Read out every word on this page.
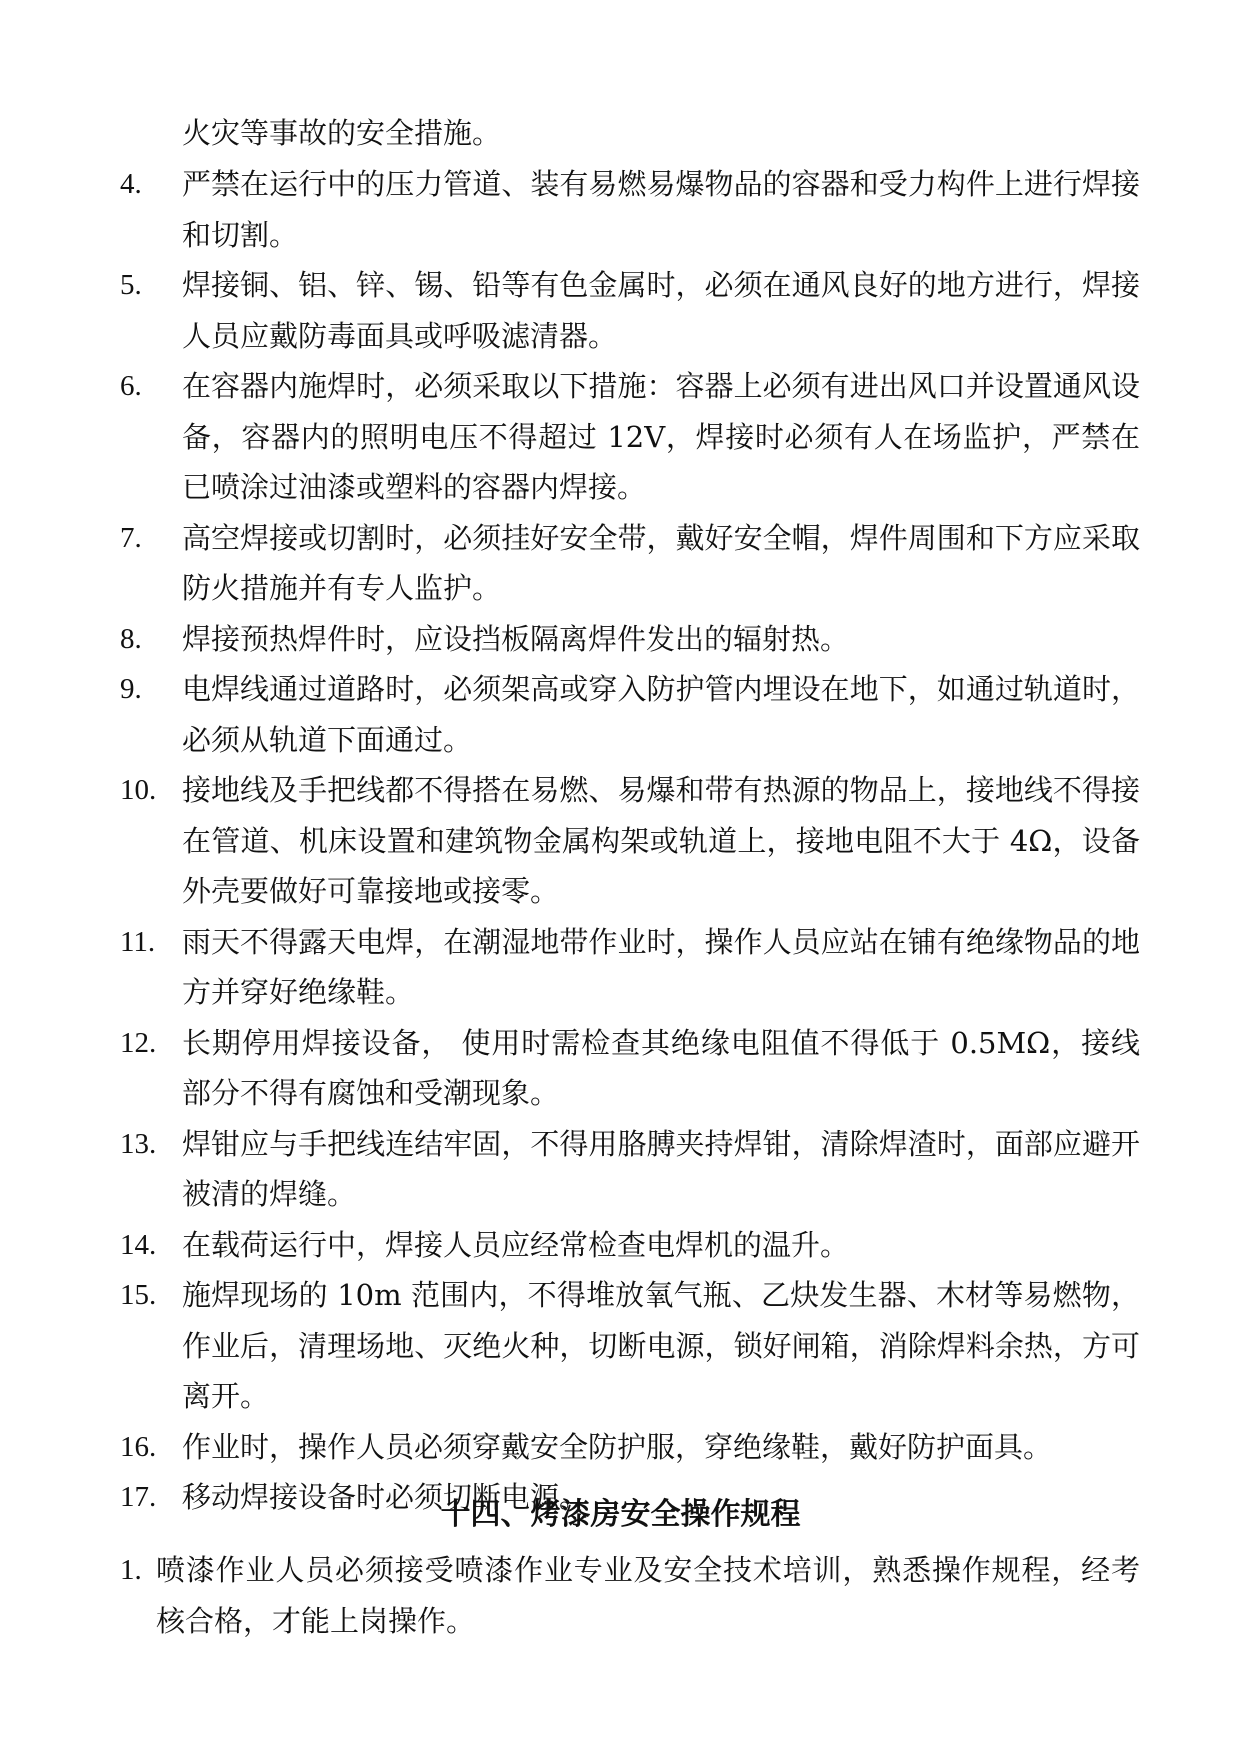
火灾等事故的安全措施。
4.	严禁在运行中的压力管道、装有易燃易爆物品的容器和受力构件上进行焊接和切割。
5.	焊接铜、铝、锌、锡、铅等有色金属时，必须在通风良好的地方进行，焊接人员应戴防毒面具或呼吸滤清器。
6.	在容器内施焊时，必须采取以下措施：容器上必须有进出风口并设置通风设备，容器内的照明电压不得超过 12V，焊接时必须有人在场监护，严禁在已喷涂过油漆或塑料的容器内焊接。
7.	高空焊接或切割时，必须挂好安全带，戴好安全帽，焊件周围和下方应采取防火措施并有专人监护。
8.	焊接预热焊件时，应设挡板隔离焊件发出的辐射热。
9.	电焊线通过道路时，必须架高或穿入防护管内埋设在地下，如通过轨道时，必须从轨道下面通过。
10. 接地线及手把线都不得搭在易燃、易爆和带有热源的物品上，接地线不得接在管道、机床设置和建筑物金属构架或轨道上，接地电阻不大于 4Ω，设备外壳要做好可靠接地或接零。
11. 雨天不得露天电焊，在潮湿地带作业时，操作人员应站在铺有绝缘物品的地方并穿好绝缘鞋。
12. 长期停用焊接设备， 使用时需检查其绝缘电阻值不得低于 0.5MΩ，接线部分不得有腐蚀和受潮现象。
13. 焊钳应与手把线连结牢固，不得用胳膊夹持焊钳，清除焊渣时，面部应避开被清的焊缝。
14. 在载荷运行中，焊接人员应经常检查电焊机的温升。
15. 施焊现场的 10m 范围内，不得堆放氧气瓶、乙炔发生器、木材等易燃物，作业后，清理场地、灭绝火种，切断电源，锁好闸箱，消除焊料余热，方可离开。
16. 作业时，操作人员必须穿戴安全防护服，穿绝缘鞋，戴好防护面具。
17. 移动焊接设备时必须切断电源。
十四、烤漆房安全操作规程
1. 喷漆作业人员必须接受喷漆作业专业及安全技术培训，熟悉操作规程，经考核合格，才能上岗操作。
